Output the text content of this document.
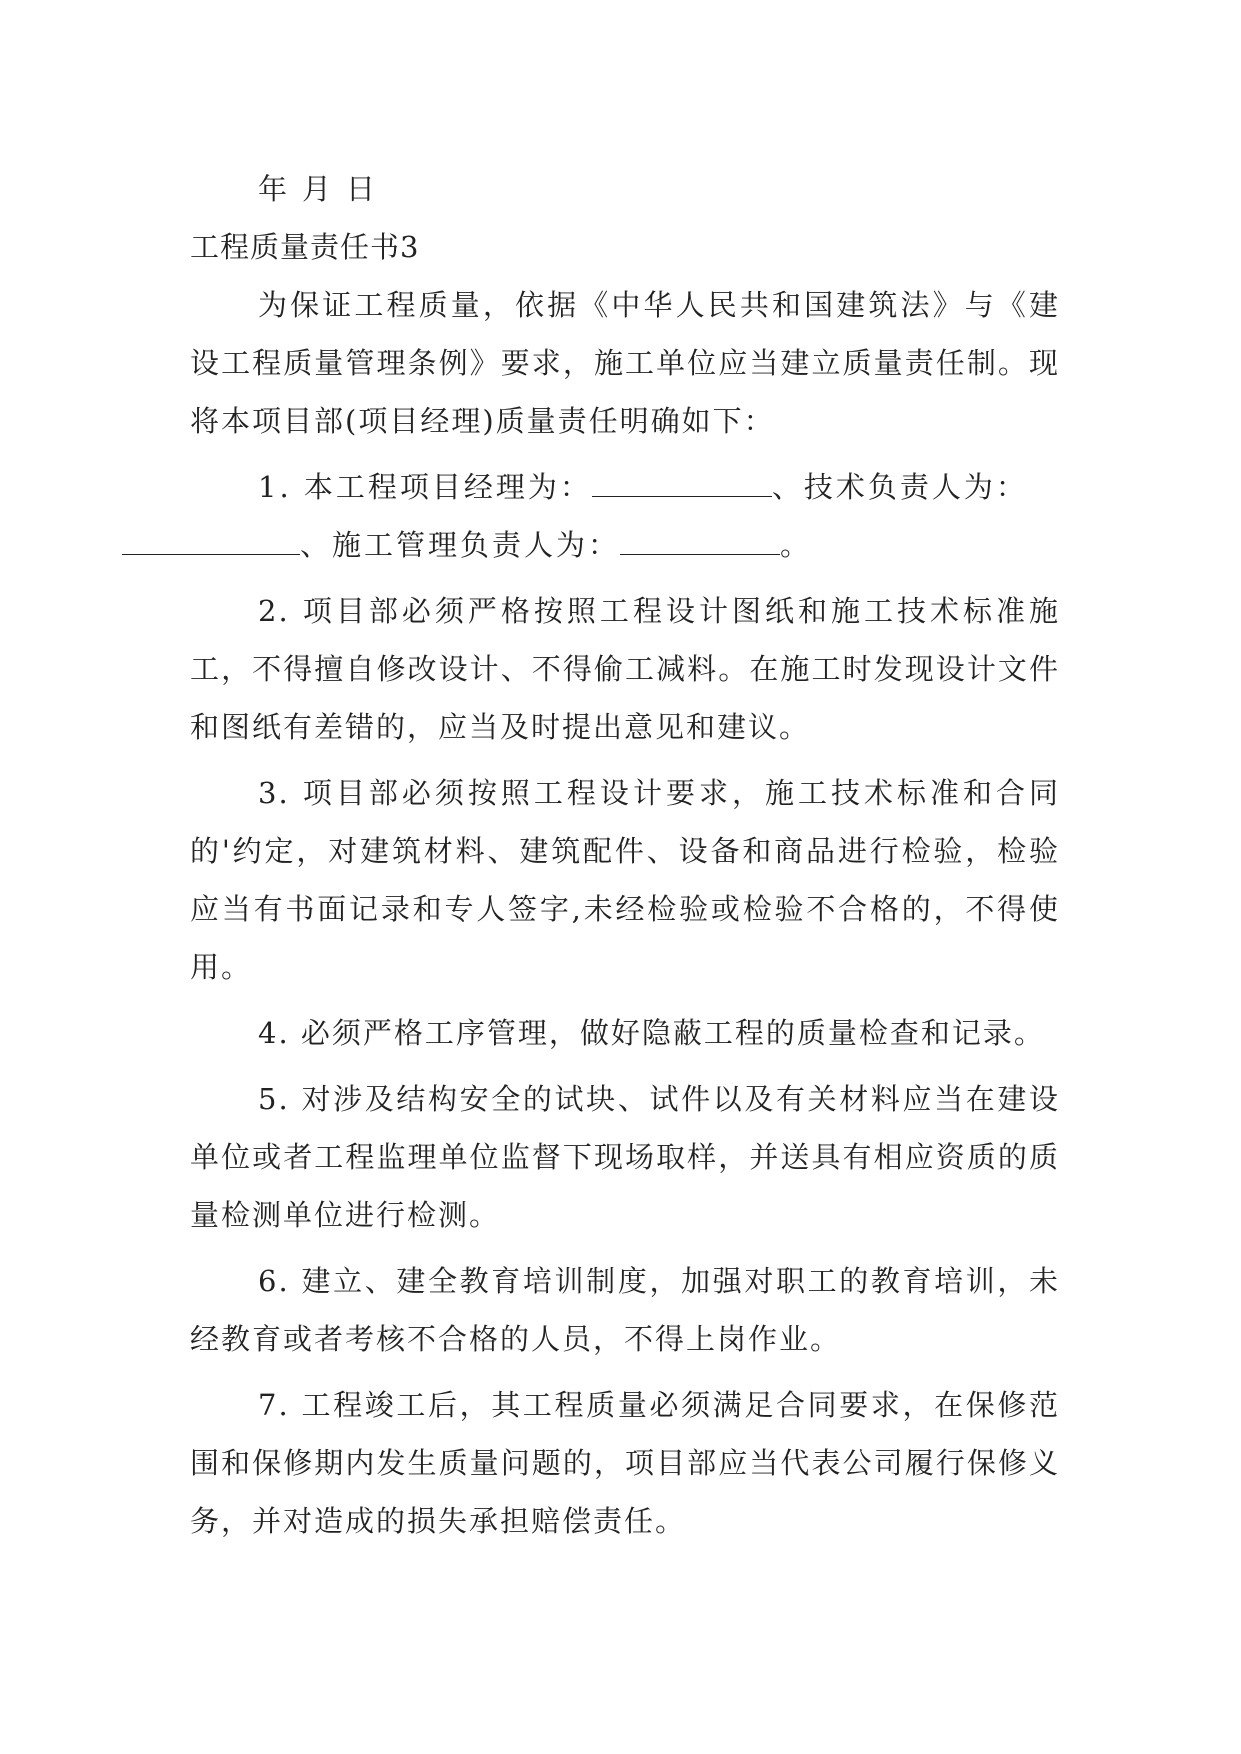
年 月 日
工程质量责任书3

为保证工程质量，依据《中华人民共和国建筑法》与《建设工程质量管理条例》要求，施工单位应当建立质量责任制。现将本项目部(项目经理)质量责任明确如下：

1. 本工程项目经理为：	、技术负责人为：
、施工管理负责人为：	。

2. 项目部必须严格按照工程设计图纸和施工技术标准施工，不得擅自修改设计、不得偷工减料。在施工时发现设计文件和图纸有差错的，应当及时提出意见和建议。

3. 项目部必须按照工程设计要求，施工技术标准和合同的'约定，对建筑材料、建筑配件、设备和商品进行检验，检验应当有书面记录和专人签字,未经检验或检验不合格的，不得使用。

4. 必须严格工序管理，做好隐蔽工程的质量检查和记录。

5. 对涉及结构安全的试块、试件以及有关材料应当在建设单位或者工程监理单位监督下现场取样，并送具有相应资质的质量检测单位进行检测。

6. 建立、建全教育培训制度，加强对职工的教育培训，未经教育或者考核不合格的人员，不得上岗作业。

7. 工程竣工后，其工程质量必须满足合同要求，在保修范围和保修期内发生质量问题的，项目部应当代表公司履行保修义务，并对造成的损失承担赔偿责任。
